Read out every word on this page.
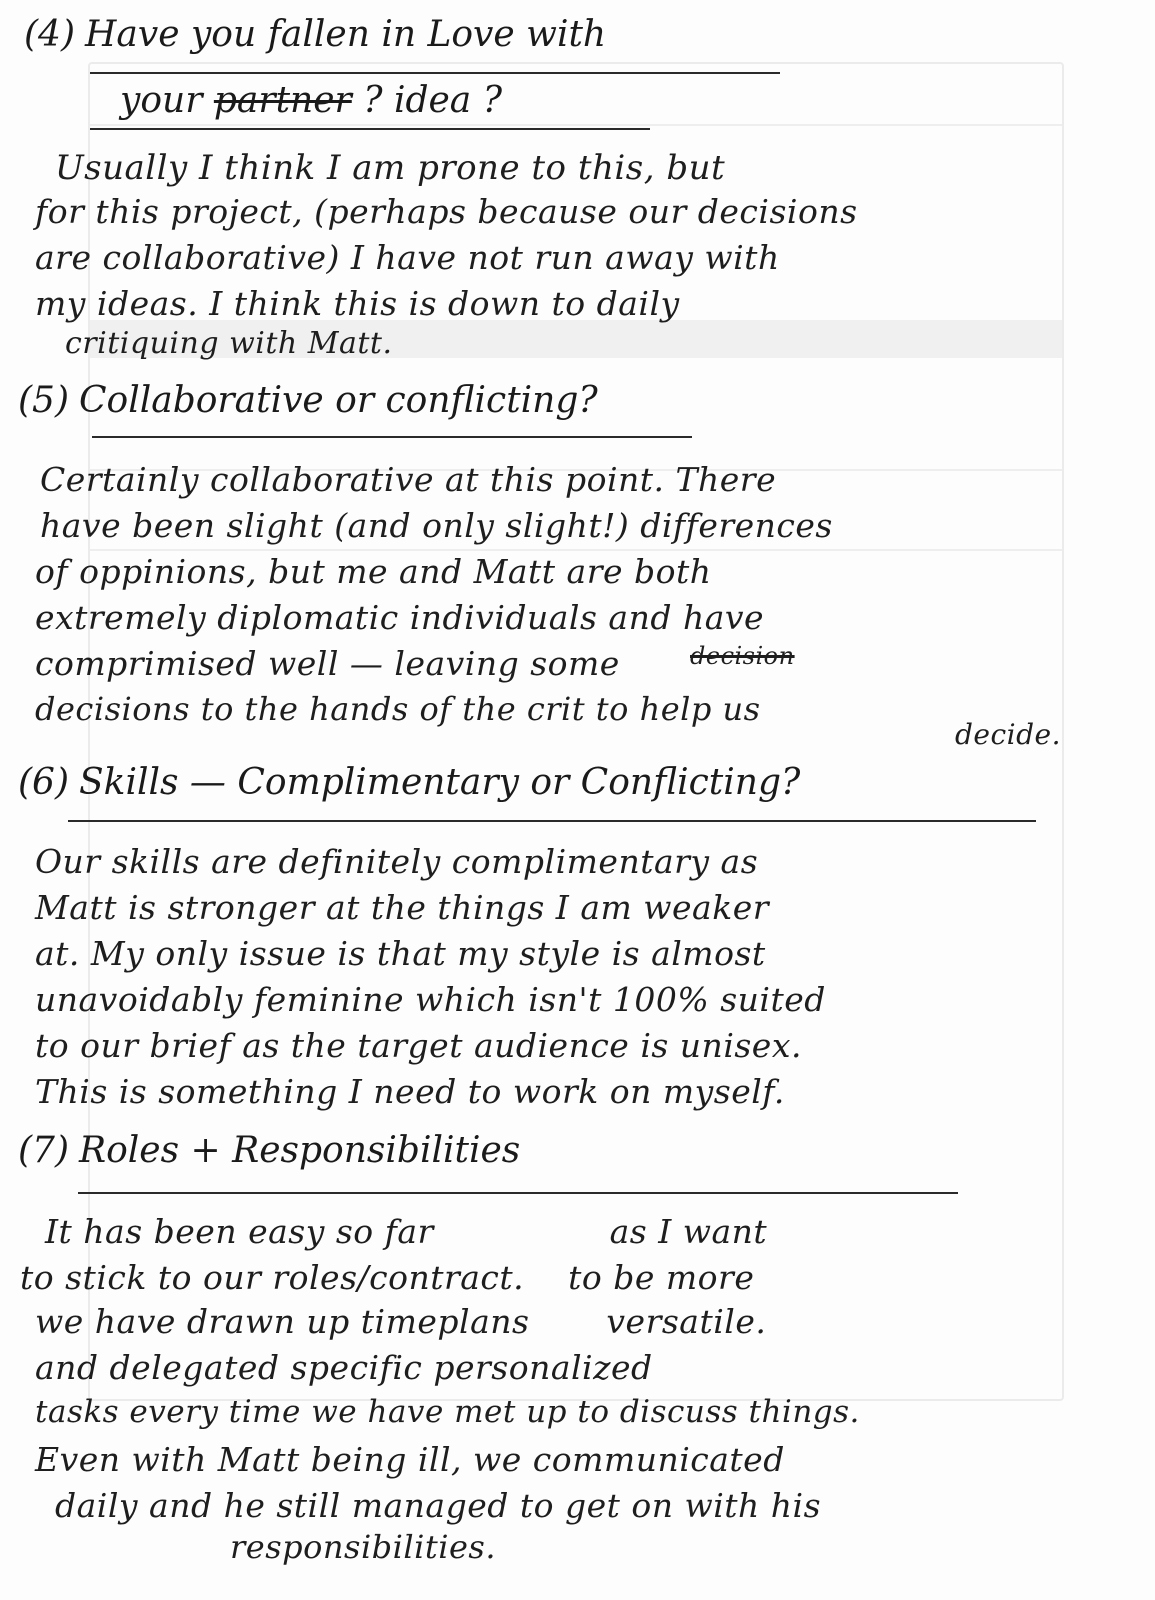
(4) Have you fallen in Love with
your partner ? idea ?
Usually I think I am prone to this, but
for this project, (perhaps because our decisions
are collaborative) I have not run away with
my ideas. I think this is down to daily
critiquing with Matt.
(5) Collaborative or conflicting?
Certainly collaborative at this point. There
have been slight (and only slight!) differences
of oppinions, but me and Matt are both
extremely diplomatic individuals and have
comprimised well — leaving some	decision
decisions to the hands of the crit to help us
decide.
(6) Skills — Complimentary or Conflicting?
Our skills are definitely complimentary as
Matt is stronger at the things I am weaker
at. My only issue is that my style is almost
unavoidably feminine which isn't 100% suited
to our brief as the target audience is unisex.
This is something I need to work on myself.
(7) Roles + Responsibilities
It has been easy so far                as I want
to stick to our roles/contract.    to be more
we have drawn up timeplans       versatile.
and delegated specific personalized
tasks every time we have met up to discuss things.
Even with Matt being ill, we communicated
daily and he still managed to get on with his
responsibilities.
